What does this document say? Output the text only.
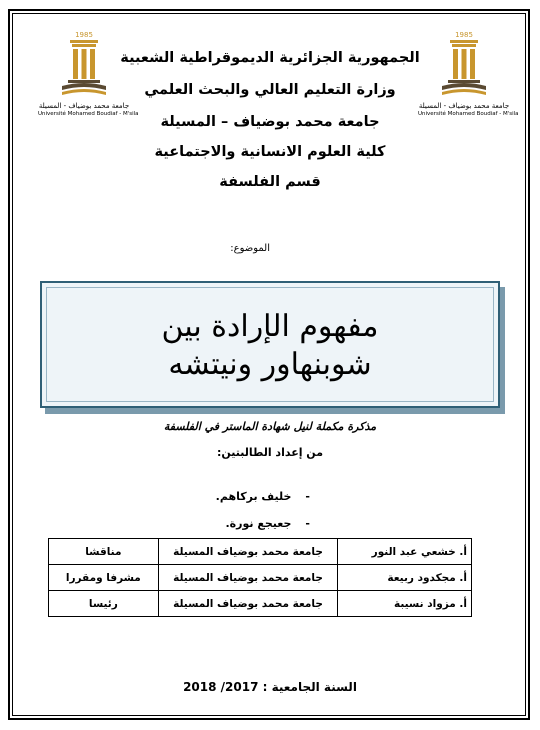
1985
جامعة محمد بوضياف - المسيلة
Université Mohamed Boudiaf - M'sila
1985
جامعة محمد بوضياف - المسيلة
Université Mohamed Boudiaf - M'sila
الجمهورية الجزائرية الديموقراطية الشعبية
وزارة التعليم العالي والبحث العلمي
جامعة محمد بوضياف – المسيلة
كلية العلوم الانسانية والاجتماعية
قسم الفلسفة
الموضوع:
مفهوم الإرادة بين
شوبنهاور ونيتشه
مذكرة مكملة لنيل شهادة الماستر في الفلسفة
من إعداد الطالبتين:
-خليف بركاهم.
-جعيجع نورة.
أ. خشعي عبد النور	جامعة محمد بوضياف المسيلة	مناقشا
أ. مجكدود ربيعة	جامعة محمد بوضياف المسيلة	مشرفا ومقررا
أ. مزواد نسيبة	جامعة محمد بوضياف المسيلة	رئيسا
السنة الجامعية : 2017/ 2018
